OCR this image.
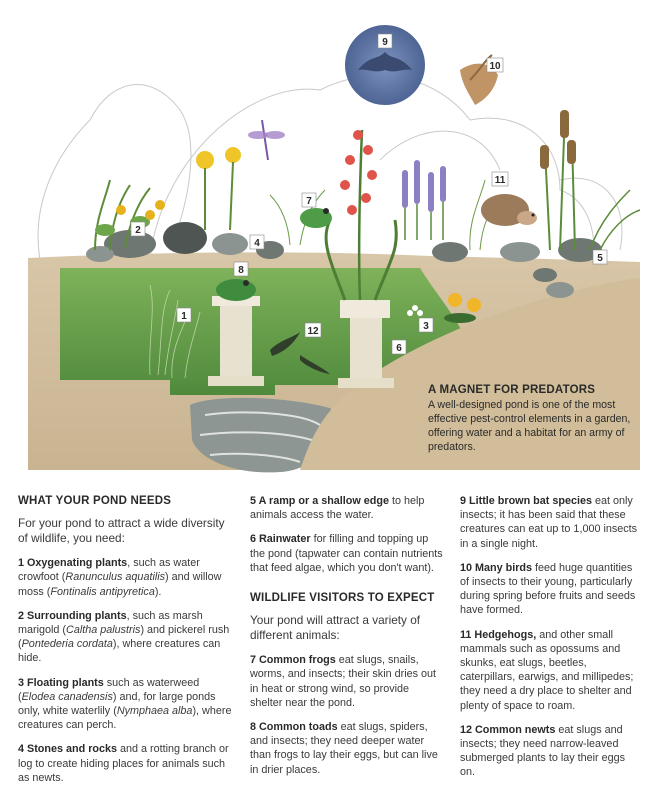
1
2
3
4
5
6
7
8
9
10
11
12
A MAGNET FOR PREDATORS

A well-designed pond is one of the most effective pest-control elements in a garden, offering water and a habitat for an army of predators.

WHAT YOUR POND NEEDS
For your pond to attract a wide diversity of wildlife, you need:
1 Oxygenating plants, such as water crowfoot (Ranunculus aquatilis) and willow moss (Fontinalis antipyretica).
2 Surrounding plants, such as marsh marigold (Caltha palustris) and pickerel rush (Pontederia cordata), where creatures can hide.
3 Floating plants such as waterweed (Elodea canadensis) and, for large ponds only, white waterlily (Nymphaea alba), where creatures can perch.
4 Stones and rocks and a rotting branch or log to create hiding places for animals such as newts.
5 A ramp or a shallow edge to help animals access the water.
6 Rainwater for filling and topping up the pond (tapwater can contain nutrients that feed algae, which you don't want).
WILDLIFE VISITORS TO EXPECT
Your pond will attract a variety of different animals:
7 Common frogs eat slugs, snails, worms, and insects; their skin dries out in heat or strong wind, so provide shelter near the pond.
8 Common toads eat slugs, spiders, and insects; they need deeper water than frogs to lay their eggs, but can live in drier places.
9 Little brown bat species eat only insects; it has been said that these creatures can eat up to 1,000 insects in a single night.
10 Many birds feed huge quantities of insects to their young, particularly during spring before fruits and seeds have formed.
11 Hedgehogs, and other small mammals such as opossums and skunks, eat slugs, beetles, caterpillars, earwigs, and millipedes; they need a dry place to shelter and plenty of space to roam.
12 Common newts eat slugs and insects; they need narrow-leaved submerged plants to lay their eggs on.
